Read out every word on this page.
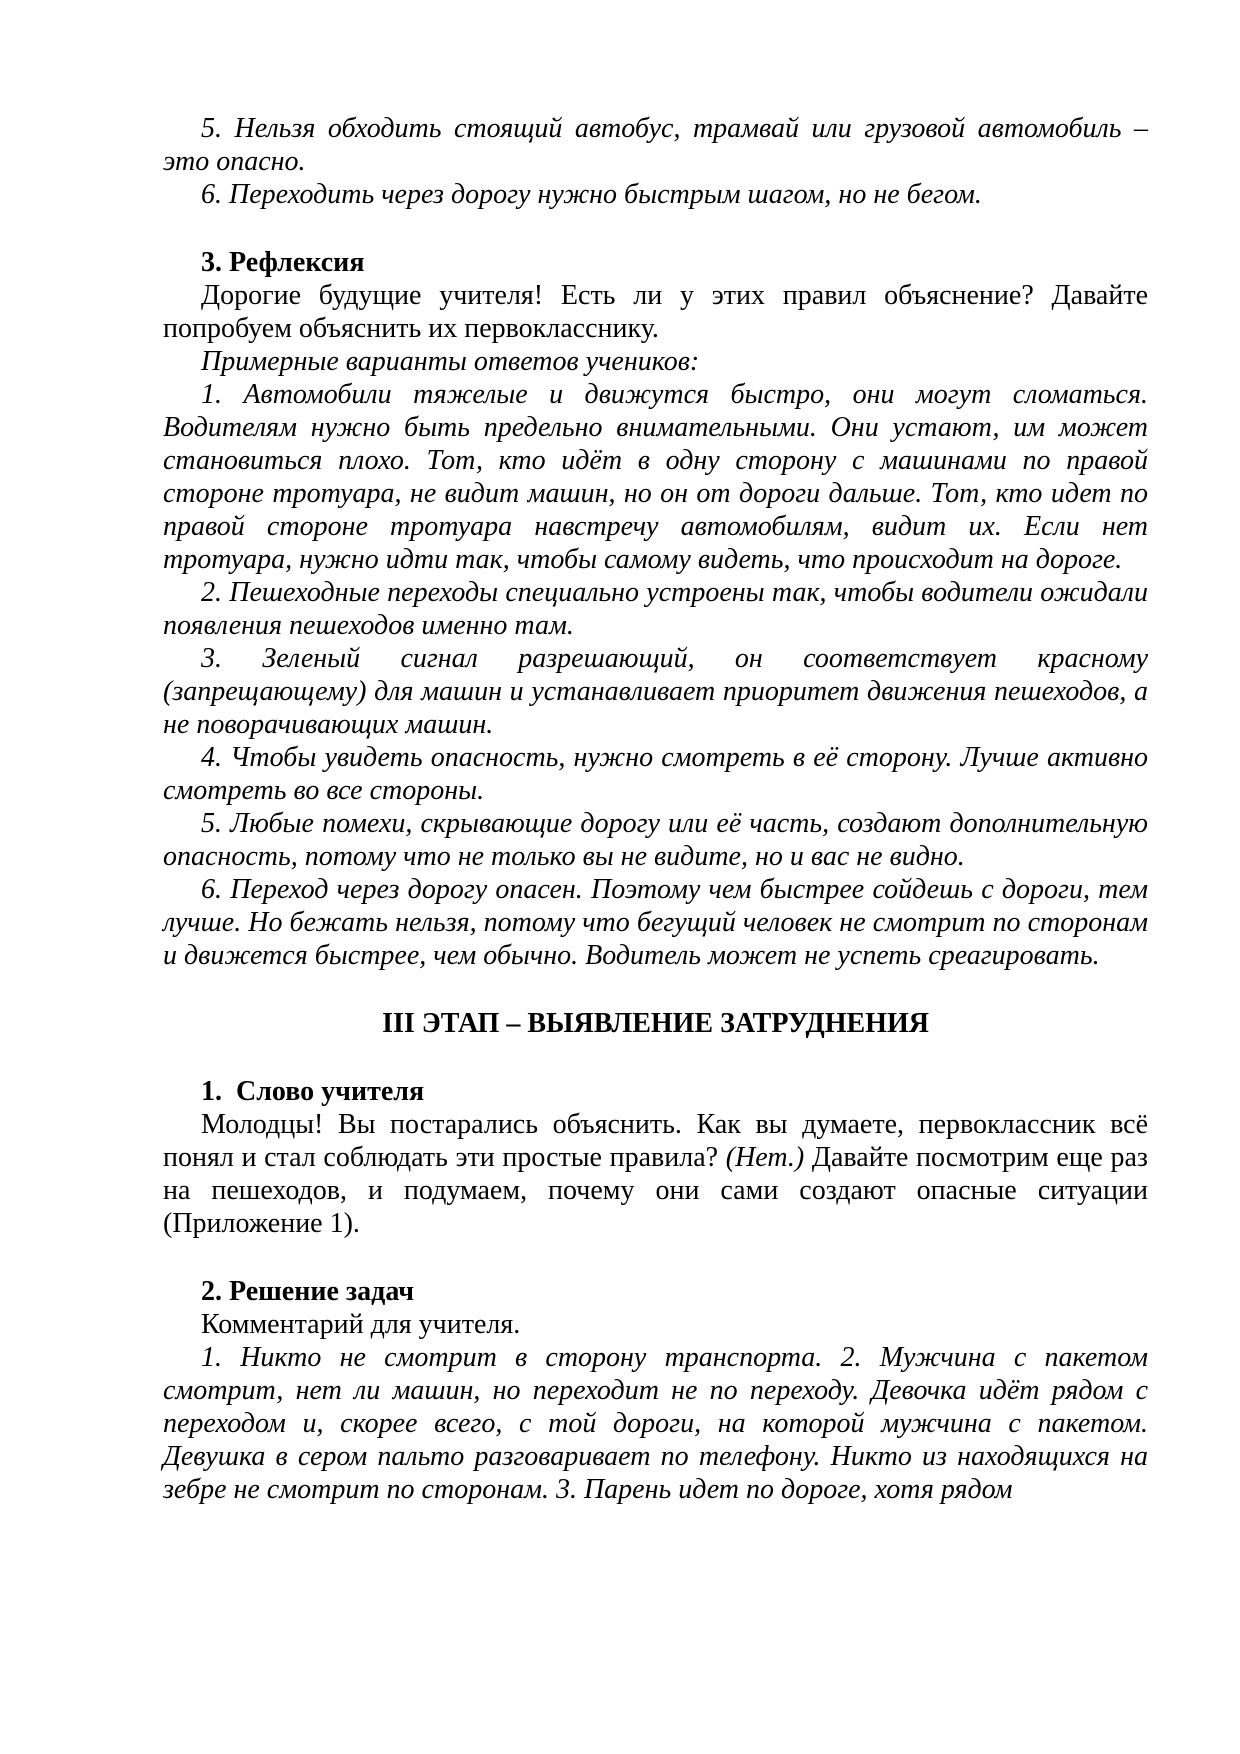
5. Нельзя обходить стоящий автобус, трамвай или грузовой автомобиль – это опасно.

6. Переходить через дорогу нужно быстрым шагом, но не бегом.

3. Рефлексия

Дорогие будущие учителя! Есть ли у этих правил объяснение? Давайте попробуем объяснить их первокласснику.

Примерные варианты ответов учеников:

1. Автомобили тяжелые и движутся быстро, они могут сломаться. Водителям нужно быть предельно внимательными. Они устают, им может становиться плохо. Тот, кто идёт в одну сторону с машинами по правой стороне тротуара, не видит машин, но он от дороги дальше. Тот, кто идет по правой стороне тротуара навстречу автомобилям, видит их. Если нет тротуара, нужно идти так, чтобы самому видеть, что происходит на дороге.

2. Пешеходные переходы специально устроены так, чтобы водители ожидали появления пешеходов именно там.

3. Зеленый сигнал разрешающий, он соответствует красному (запрещающему) для машин и устанавливает приоритет движения пешеходов, а не поворачивающих машин.

4. Чтобы увидеть опасность, нужно смотреть в её сторону. Лучше активно смотреть во все стороны.

5. Любые помехи, скрывающие дорогу или её часть, создают дополнительную опасность, потому что не только вы не видите, но и вас не видно.

6. Переход через дорогу опасен. Поэтому чем быстрее сойдешь с дороги, тем лучше. Но бежать нельзя, потому что бегущий человек не смотрит по сторонам и движется быстрее, чем обычно. Водитель может не успеть среагировать.

III ЭТАП – ВЫЯВЛЕНИЕ ЗАТРУДНЕНИЯ

1.  Слово учителя

Молодцы! Вы постарались объяснить. Как вы думаете, первоклассник всё понял и стал соблюдать эти простые правила? (Нет.) Давайте посмотрим еще раз на пешеходов, и подумаем, почему они сами создают опасные ситуации (Приложение 1).

2. Решение задач

Комментарий для учителя.

1. Никто не смотрит в сторону транспорта. 2. Мужчина с пакетом смотрит, нет ли машин, но переходит не по переходу. Девочка идёт рядом с переходом и, скорее всего, с той дороги, на которой мужчина с пакетом. Девушка в сером пальто разговаривает по телефону. Никто из находящихся на зебре не смотрит по сторонам. 3. Парень идет по дороге, хотя рядом
